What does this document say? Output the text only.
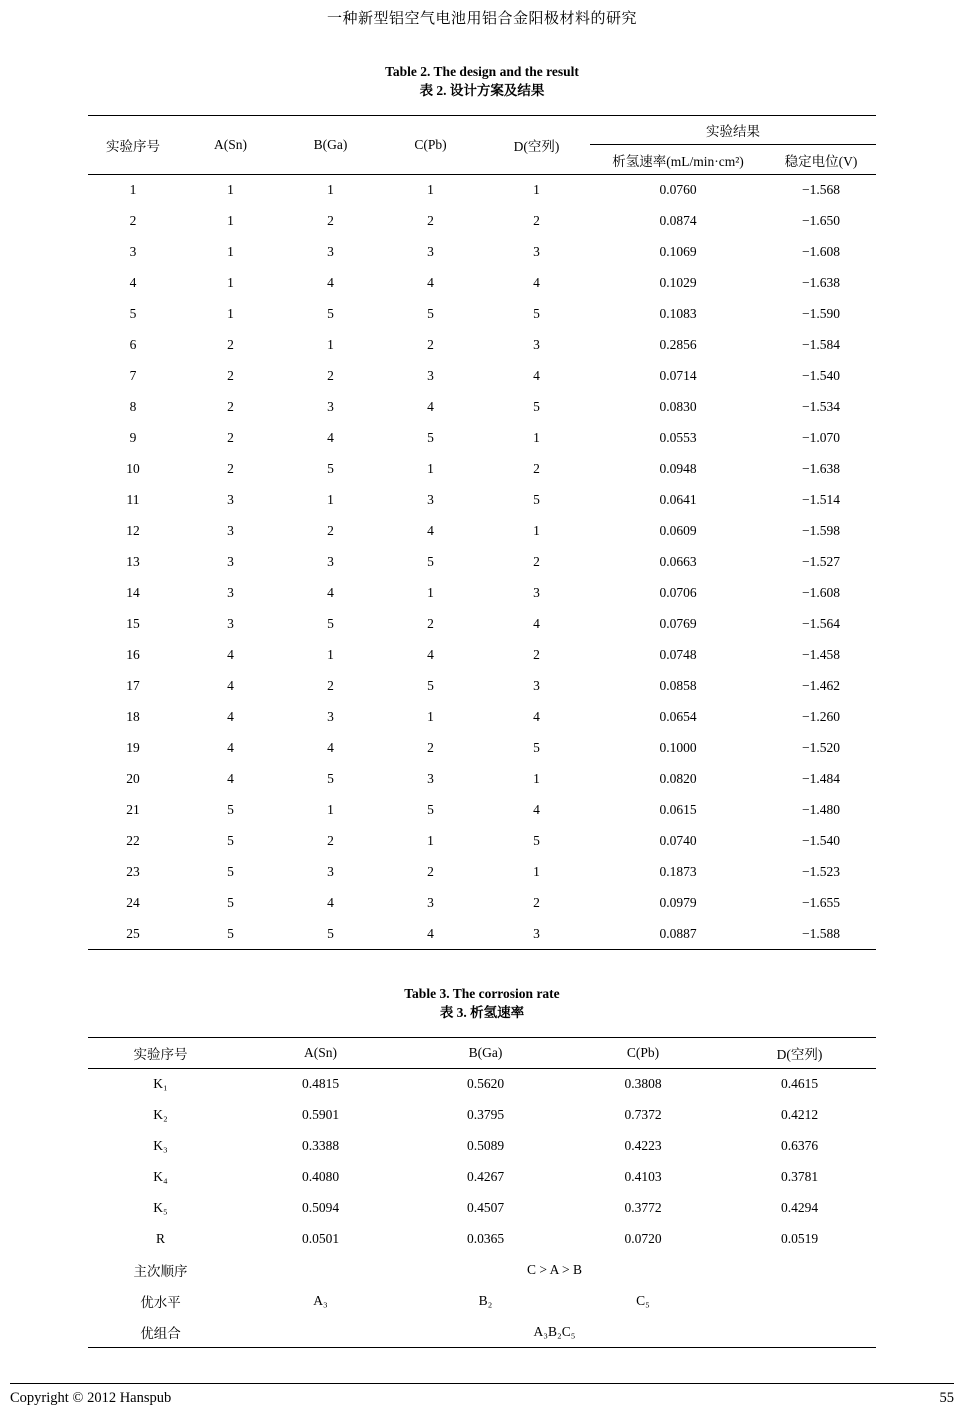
一种新型铝空气电池用铝合金阳极材料的研究
Table 2. The design and the result
表 2. 设计方案及结果
实验序号	A(Sn)	B(Ga)	C(Pb)	D(空列)	实验结果	
					析氢速率(mL/min·cm²)	稳定电位(V)
1	1	1	1	1	0.0760	−1.568
2	1	2	2	2	0.0874	−1.650
3	1	3	3	3	0.1069	−1.608
4	1	4	4	4	0.1029	−1.638
5	1	5	5	5	0.1083	−1.590
6	2	1	2	3	0.2856	−1.584
7	2	2	3	4	0.0714	−1.540
8	2	3	4	5	0.0830	−1.534
9	2	4	5	1	0.0553	−1.070
10	2	5	1	2	0.0948	−1.638
11	3	1	3	5	0.0641	−1.514
12	3	2	4	1	0.0609	−1.598
13	3	3	5	2	0.0663	−1.527
14	3	4	1	3	0.0706	−1.608
15	3	5	2	4	0.0769	−1.564
16	4	1	4	2	0.0748	−1.458
17	4	2	5	3	0.0858	−1.462
18	4	3	1	4	0.0654	−1.260
19	4	4	2	5	0.1000	−1.520
20	4	5	3	1	0.0820	−1.484
21	5	1	5	4	0.0615	−1.480
22	5	2	1	5	0.0740	−1.540
23	5	3	2	1	0.1873	−1.523
24	5	4	3	2	0.0979	−1.655
25	5	5	4	3	0.0887	−1.588
Table 3. The corrosion rate
表 3. 析氢速率
实验序号	A(Sn)	B(Ga)	C(Pb)	D(空列)
K₁	0.4815	0.5620	0.3808	0.4615
K₂	0.5901	0.3795	0.7372	0.4212
K₃	0.3388	0.5089	0.4223	0.6376
K₄	0.4080	0.4267	0.4103	0.3781
K₅	0.5094	0.4507	0.3772	0.4294
R	0.0501	0.0365	0.0720	0.0519
主次顺序	C > A > B			
优水平	A₃	B₂	C₅	
优组合	A₃B₂C₅			
Copyright © 2012 Hanspub	55
